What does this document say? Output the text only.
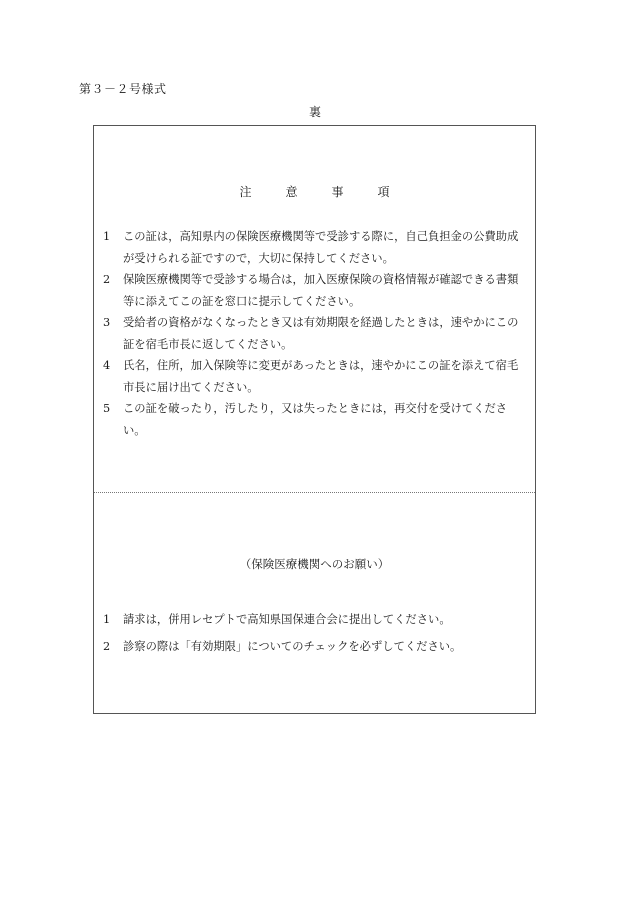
第３－２号様式
裏
注	意	事	項
1	この証は，高知県内の保険医療機関等で受診する際に，自己負担金の公費助成が受けられる証ですので，大切に保持してください。
2	保険医療機関等で受診する場合は，加入医療保険の資格情報が確認できる書類等に添えてこの証を窓口に提示してください。
3	受給者の資格がなくなったとき又は有効期限を経過したときは，速やかにこの証を宿毛市長に返してください。
4	氏名，住所，加入保険等に変更があったときは，速やかにこの証を添えて宿毛市長に届け出てください。
5	この証を破ったり，汚したり，又は失ったときには，再交付を受けてください。
（保険医療機関へのお願い）
1	請求は，併用レセプトで高知県国保連合会に提出してください。
2	診察の際は「有効期限」についてのチェックを必ずしてください。
